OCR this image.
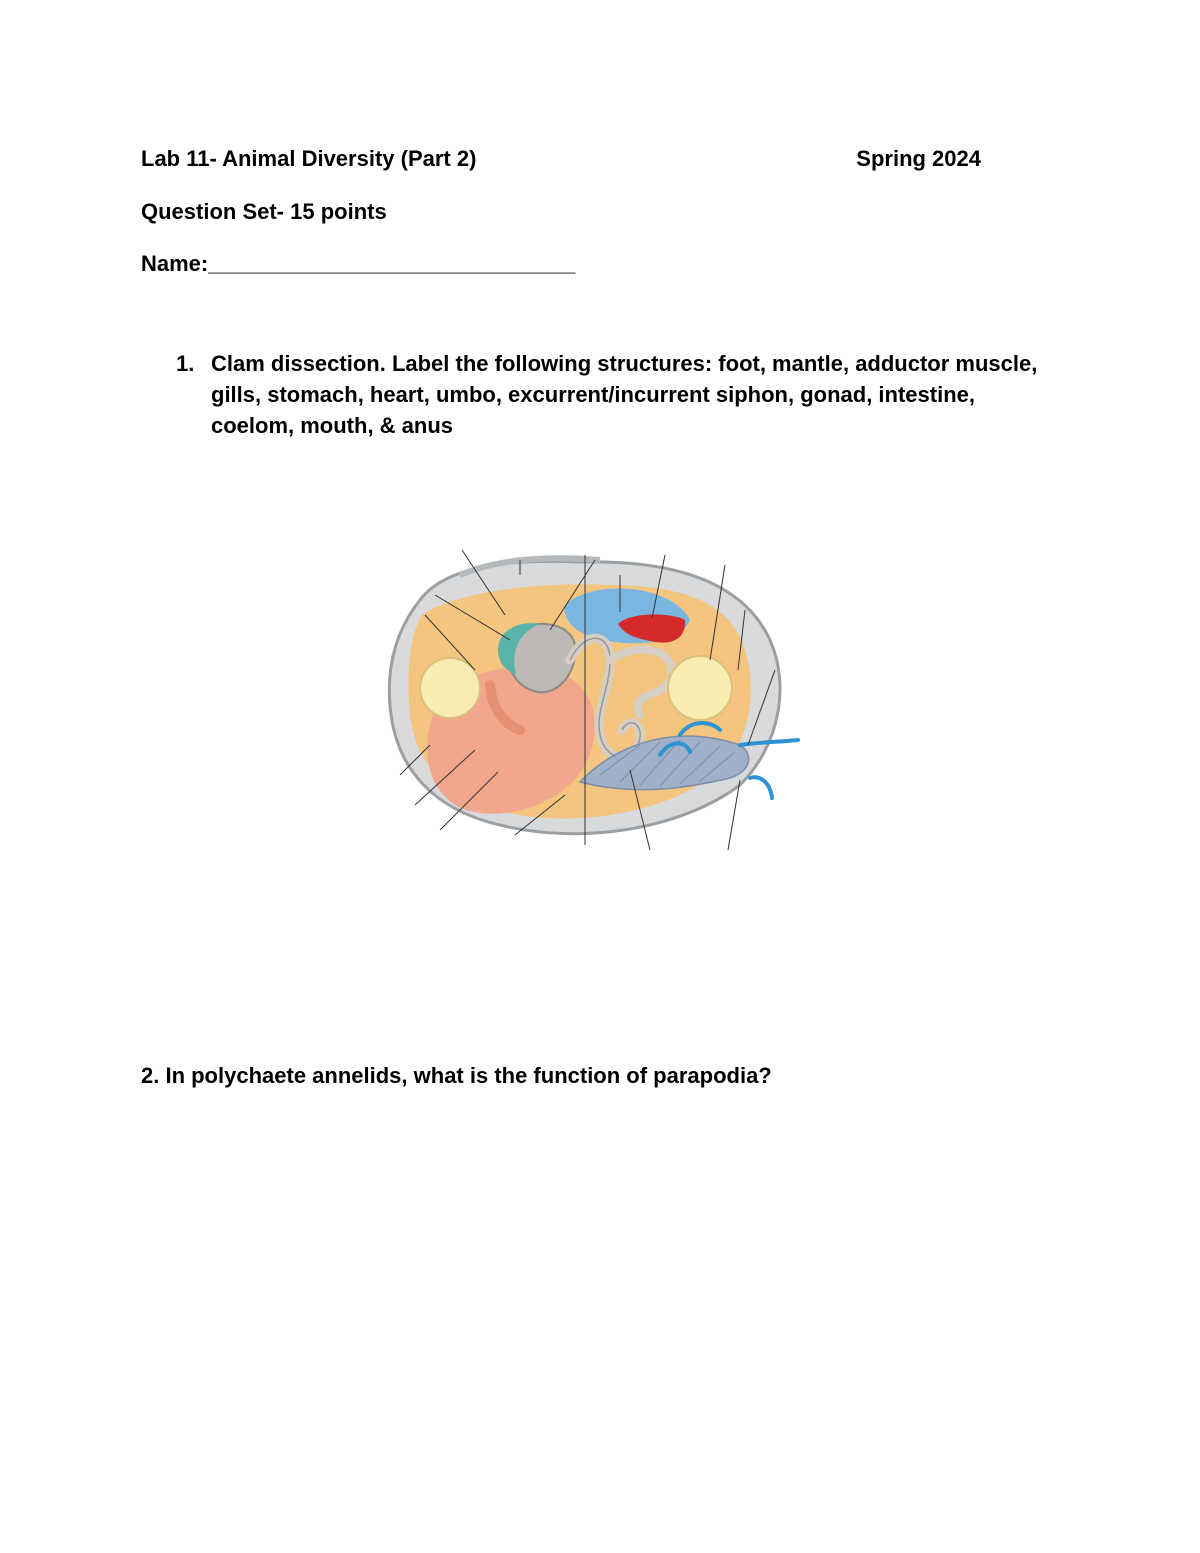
Lab 11- Animal Diversity (Part 2)	Spring 2024
Question Set- 15 points
Name:______________________________
1. Clam dissection. Label the following structures: foot, mantle, adductor muscle, gills, stomach, heart, umbo, excurrent/incurrent siphon, gonad, intestine, coelom, mouth, & anus
2. In polychaete annelids, what is the function of parapodia?
